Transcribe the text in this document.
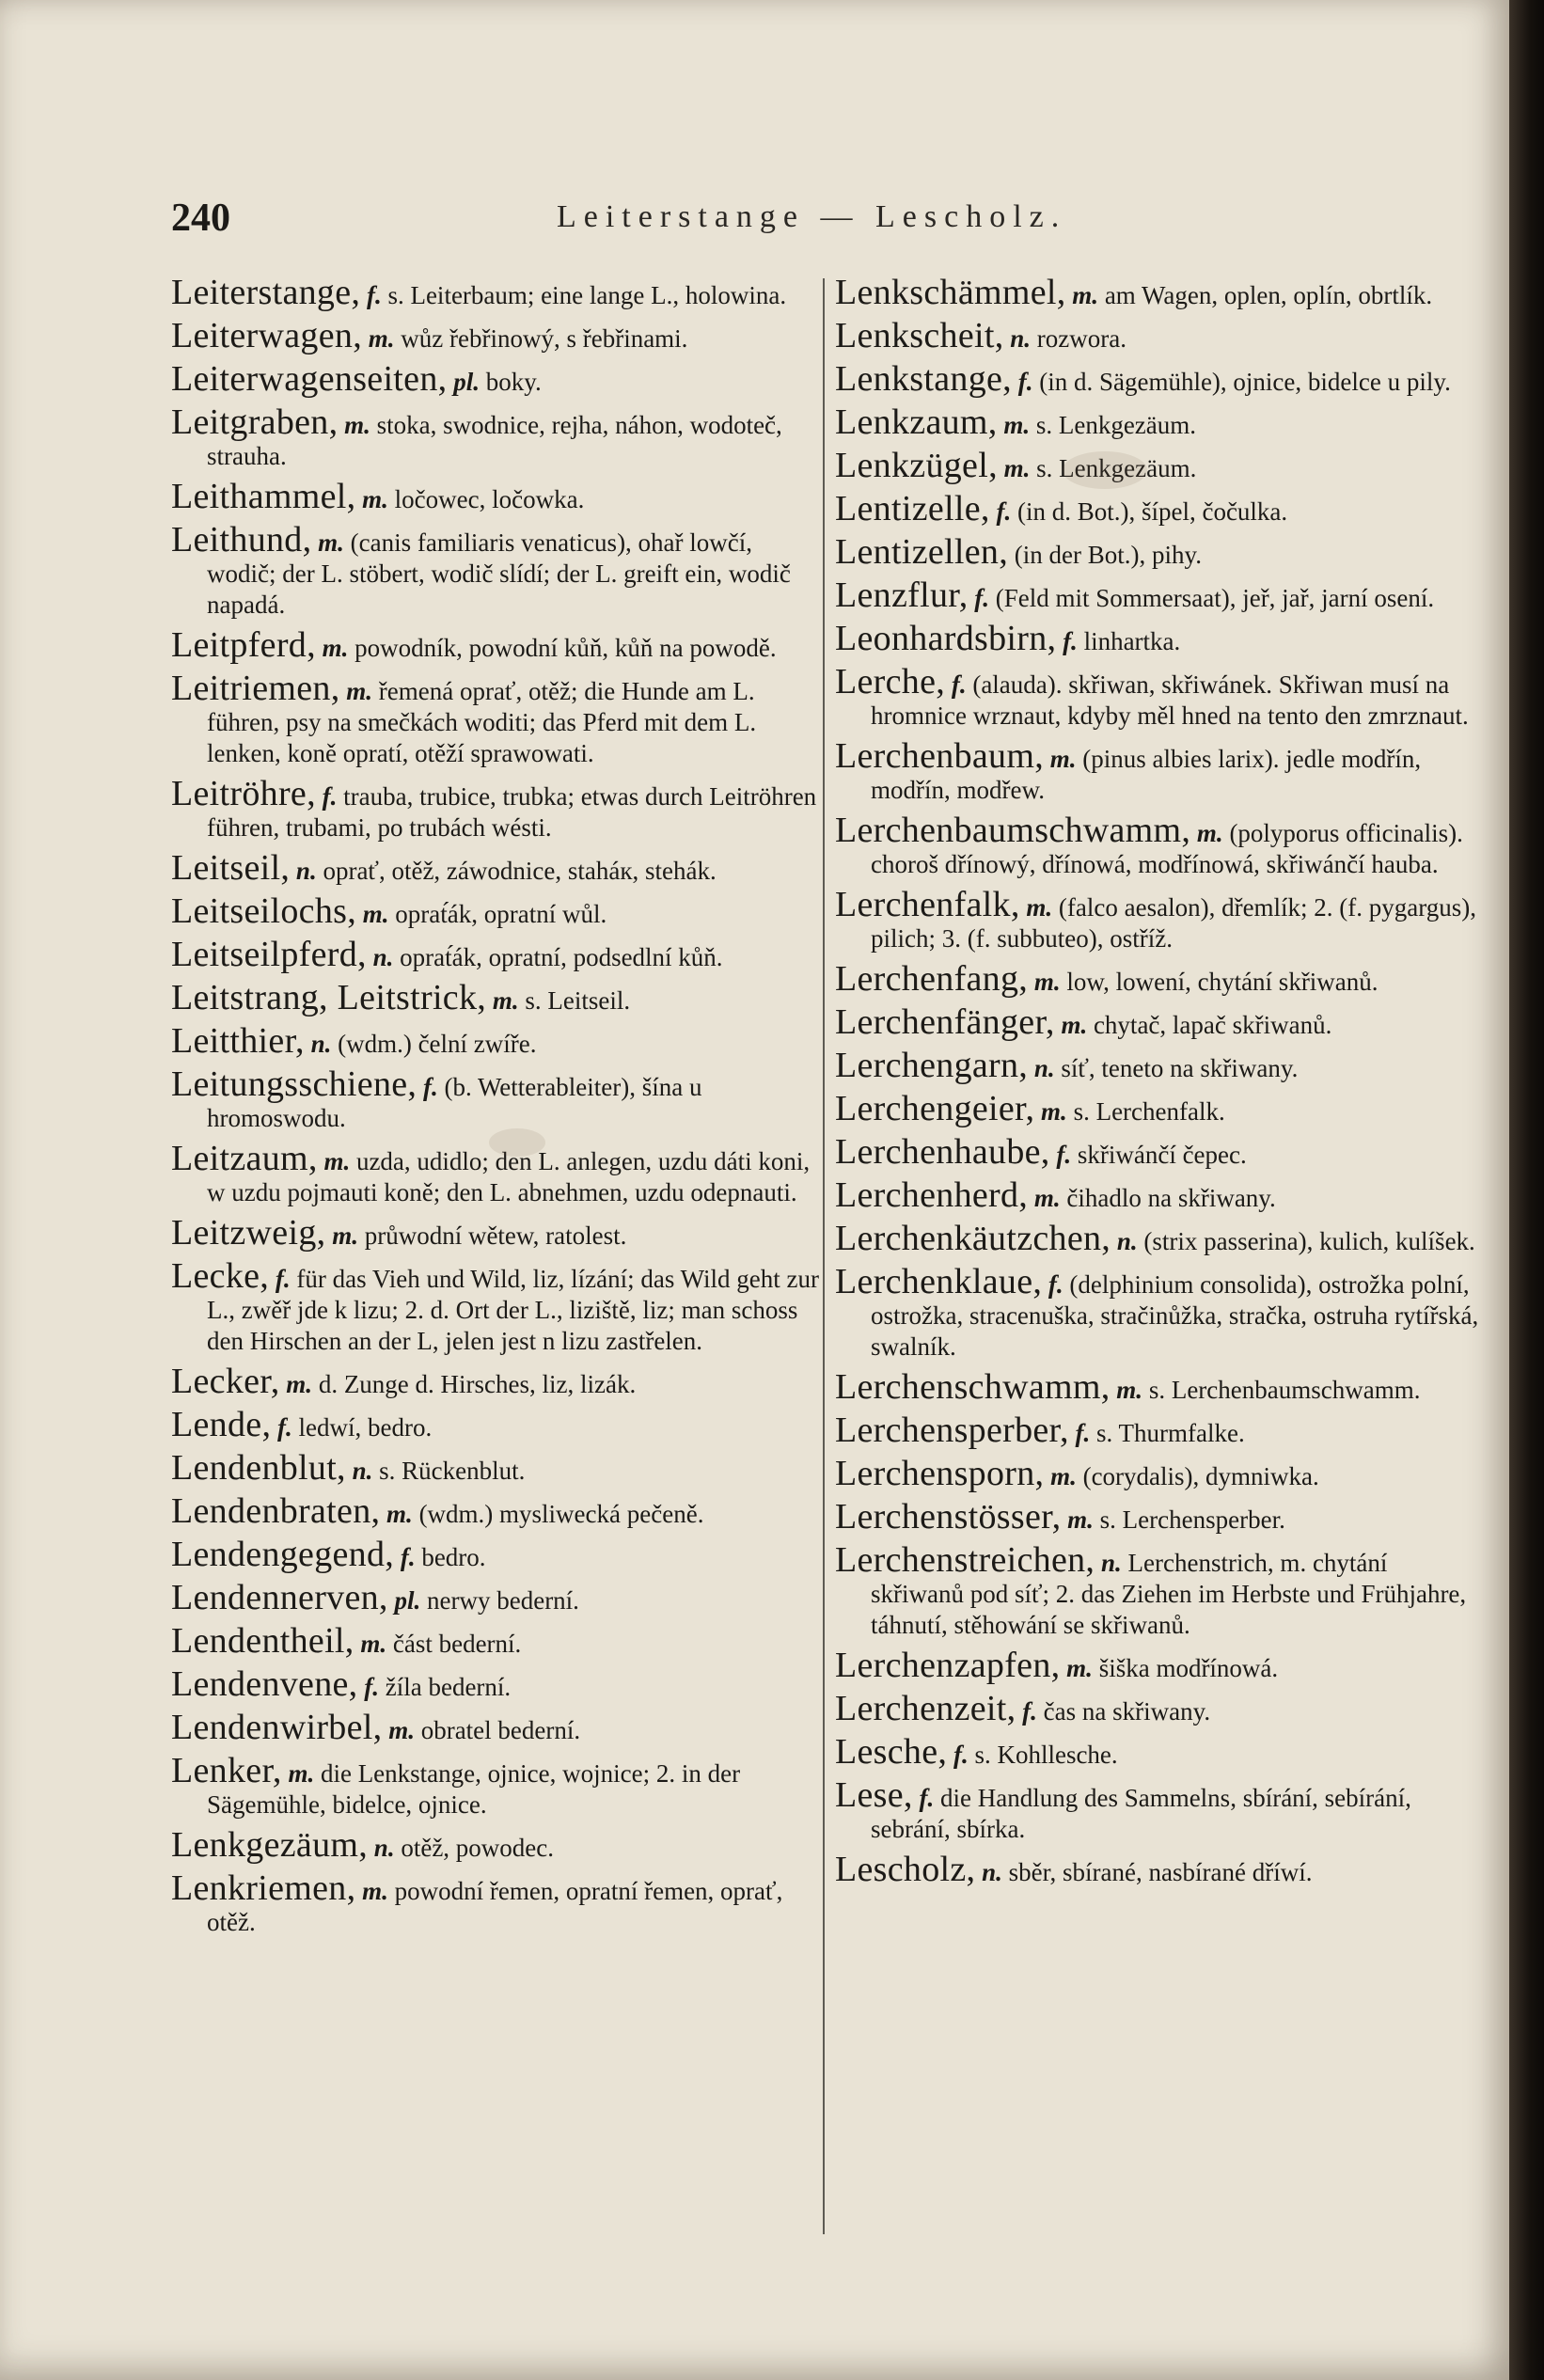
240	Leiterstange — Lescholz.

Leiterstange, f. s. Leiterbaum; eine lange L., holowina.

Leiterwagen, m. wůz řebřinowý, s řebřinami.

Leiterwagenseiten, pl. boky.

Leitgraben, m. stoka, swodnice, rejha, náhon, wodoteč, strauha.

Leithammel, m. ločowec, ločowka.

Leithund, m. (canis familiaris venaticus), ohař lowčí, wodič; der L. stöbert, wodič slídí; der L. greift ein, wodič napadá.

Leitpferd, m. powodník, powodní kůň, kůň na powodě.

Leitriemen, m. řemená oprať, otěž; die Hunde am L. führen, psy na smečkách woditi; das Pferd mit dem L. lenken, koně opratí, otěží sprawowati.

Leitröhre, f. trauba, trubice, trubka; etwas durch Leitröhren führen, trubami, po trubách wésti.

Leitseil, n. oprať, otěž, záwodnice, staháк, stehák.

Leitseilochs, m. oprat́ák, opratní wůl.

Leitseilpferd, n. oprat́ák, opratní, podsedlní kůň.

Leitstrang, Leitstrick, m. s. Leitseil.

Leitthier, n. (wdm.) čelní zwíře.

Leitungsschiene, f. (b. Wetterableiter), šína u hromoswodu.

Leitzaum, m. uzda, udidlo; den L. anlegen, uzdu dáti koni, w uzdu pojmauti koně; den L. abnehmen, uzdu odepnauti.

Leitzweig, m. průwodní wětew, ratolest.

Lecke, f. für das Vieh und Wild, liz, lízání; das Wild geht zur L., zwěř jde k lizu; 2. d. Ort der L., liziště, liz; man schoss den Hirschen an der L, jelen jest n lizu zastřelen.

Lecker, m. d. Zunge d. Hirsches, liz, lizák.

Lende, f. ledwí, bedro.

Lendenblut, n. s. Rückenblut.

Lendenbraten, m. (wdm.) mysliwecká pečeně.

Lendengegend, f. bedro.

Lendennerven, pl. nerwy bederní.

Lendentheil, m. část bederní.

Lendenvene, f. žíla bederní.

Lendenwirbel, m. obratel bederní.

Lenker, m. die Lenkstange, ojnice, wojnice; 2. in der Sägemühle, bidelce, ojnice.

Lenkgezäum, n. otěž, powodec.

Lenkriemen, m. powodní řemen, opratní řemen, oprať, otěž.

Lenkschämmel, m. am Wagen, oplen, oplín, obrtlík.

Lenkscheit, n. rozwora.

Lenkstange, f. (in d. Sägemühle), ojnice, bidelce u pily.

Lenkzaum, m. s. Lenkgezäum.

Lenkzügel, m. s. Lenkgezäum.

Lentizelle, f. (in d. Bot.), šípel, čočulka.

Lentizellen, (in der Bot.), pihy.

Lenzflur, f. (Feld mit Sommersaat), jeř, jař, jarní osení.

Leonhardsbirn, f. linhartka.

Lerche, f. (alauda). skřiwan, skřiwánek. Skřiwan musí na hromnice wrznaut, kdyby měl hned na tento den zmrznaut.

Lerchenbaum, m. (pinus albies larix). jedle modřín, modřín, modřew.

Lerchenbaumschwamm, m. (polyporus officinalis). choroš dřínowý, dřínowá, modřínowá, skřiwánčí hauba.

Lerchenfalk, m. (falco aesalon), dřemlík; 2. (f. pygargus), pilich; 3. (f. subbuteo), ostříž.

Lerchenfang, m. low, lowení, chytání skřiwanů.

Lerchenfänger, m. chytač, lapač skřiwanů.

Lerchengarn, n. síť, teneto na skřiwany.

Lerchengeier, m. s. Lerchenfalk.

Lerchenhaube, f. skřiwánčí čepec.

Lerchenherd, m. čihadlo na skřiwany.

Lerchenkäutzchen, n. (strix passerina), kulich, kulíšek.

Lerchenklaue, f. (delphinium consolida), ostrožka polní, ostrožka, stracenuška, stračinůžka, stračka, ostruha rytířská, swalník.

Lerchenschwamm, m. s. Lerchenbaumschwamm.

Lerchensperber, f. s. Thurmfalke.

Lerchensporn, m. (corydalis), dymniwka.

Lerchenstösser, m. s. Lerchensperber.

Lerchenstreichen, n. Lerchenstrich, m. chytání skřiwanů pod síť; 2. das Ziehen im Herbste und Frühjahre, táhnutí, stěhowání se skřiwanů.

Lerchenzapfen, m. šiška modřínowá.

Lerchenzeit, f. čas na skřiwany.

Lesche, f. s. Kohllesche.

Lese, f. die Handlung des Sammelns, sbírání, sebírání, sebrání, sbírka.

Lescholz, n. sběr, sbírané, nasbírané dříwí.
